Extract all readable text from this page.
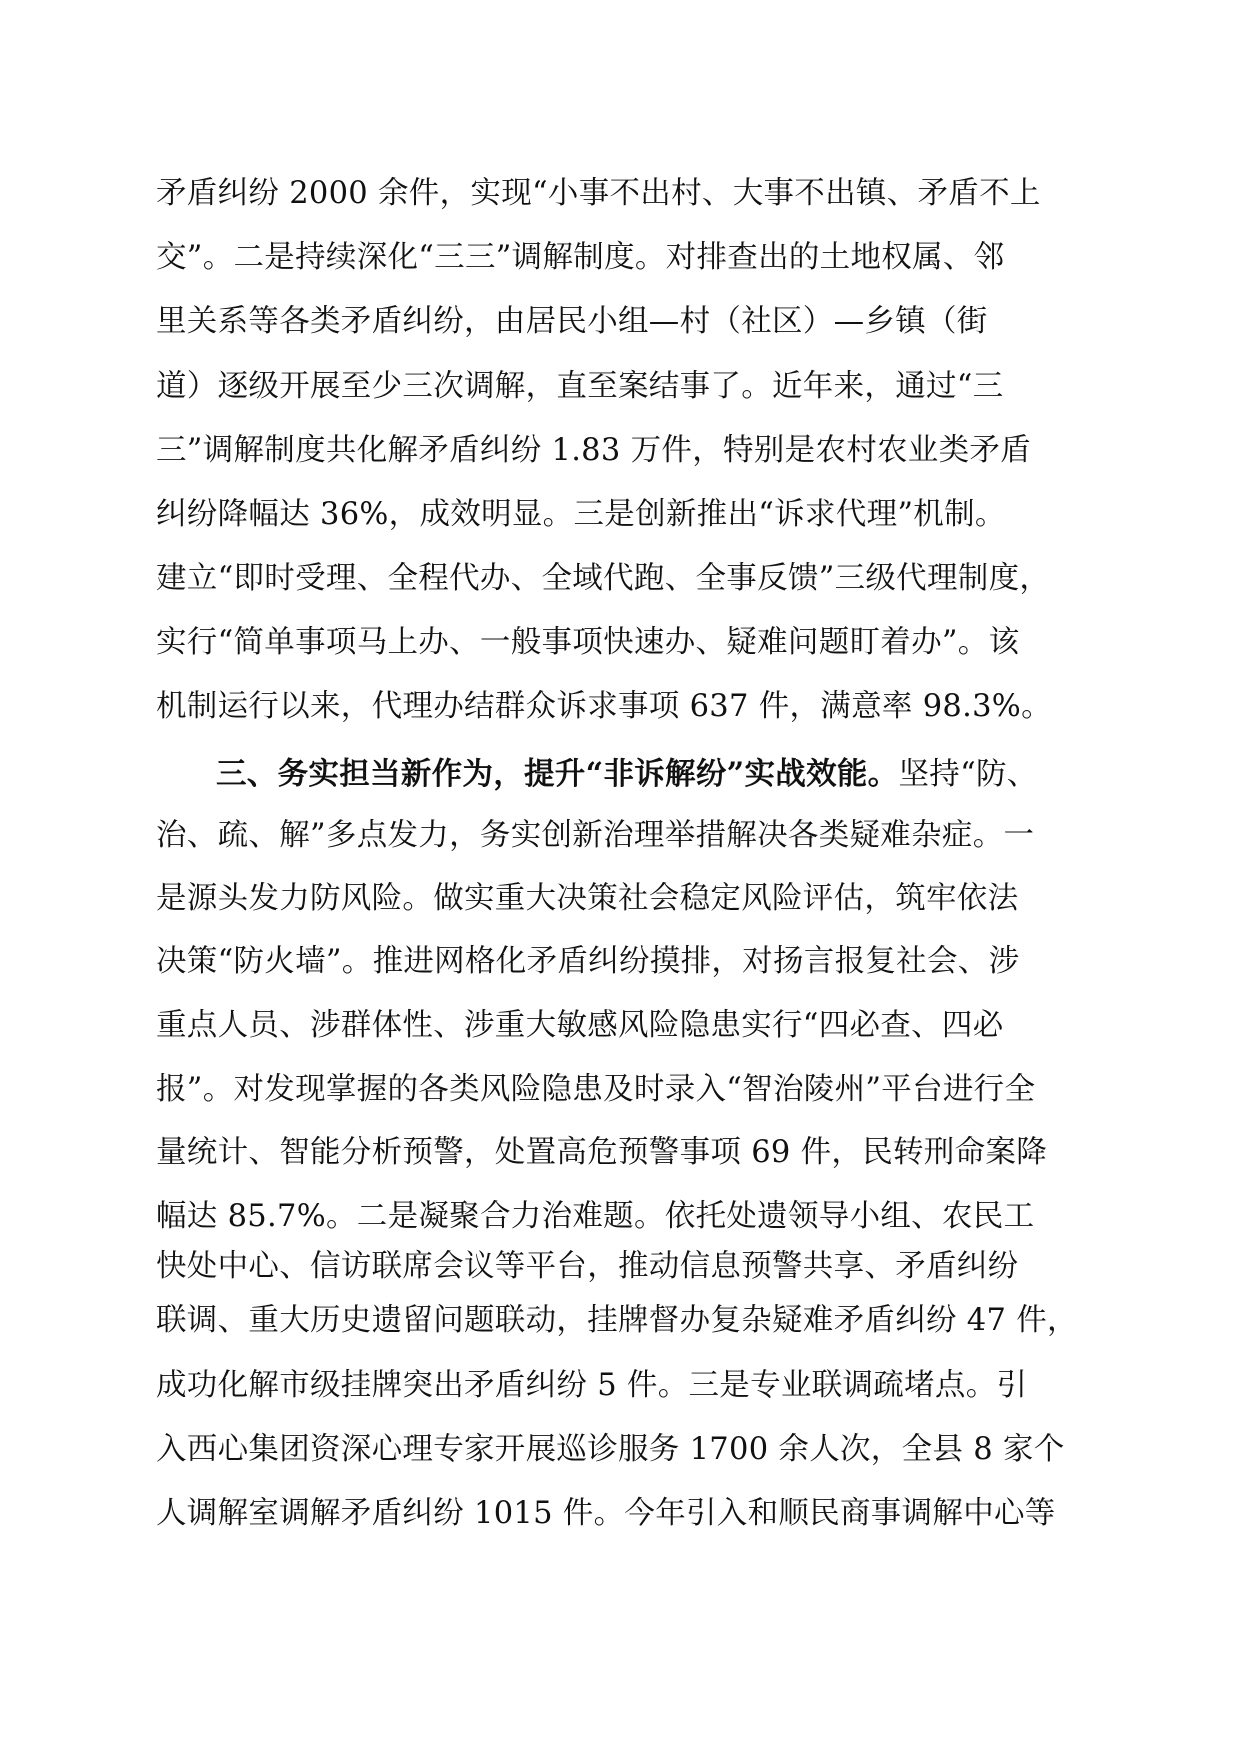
矛盾纠纷 2000 余件，实现“小事不出村、大事不出镇、矛盾不上
交”。二是持续深化“三三”调解制度。对排查出的土地权属、邻
里关系等各类矛盾纠纷，由居民小组—村（社区）—乡镇（街
道）逐级开展至少三次调解，直至案结事了。近年来，通过“三
三”调解制度共化解矛盾纠纷 1.83 万件，特别是农村农业类矛盾
纠纷降幅达 36%，成效明显。三是创新推出“诉求代理”机制。
建立“即时受理、全程代办、全域代跑、全事反馈”三级代理制度，
实行“简单事项马上办、一般事项快速办、疑难问题盯着办”。该
机制运行以来，代理办结群众诉求事项 637 件，满意率 98.3%。
三、务实担当新作为，提升“非诉解纷”实战效能。坚持“防、
治、疏、解”多点发力，务实创新治理举措解决各类疑难杂症。一
是源头发力防风险。做实重大决策社会稳定风险评估，筑牢依法
决策“防火墙”。推进网格化矛盾纠纷摸排，对扬言报复社会、涉
重点人员、涉群体性、涉重大敏感风险隐患实行“四必查、四必
报”。对发现掌握的各类风险隐患及时录入“智治陵州”平台进行全
量统计、智能分析预警，处置高危预警事项 69 件，民转刑命案降
幅达 85.7%。二是凝聚合力治难题。依托处遗领导小组、农民工
快处中心、信访联席会议等平台，推动信息预警共享、矛盾纠纷
联调、重大历史遗留问题联动，挂牌督办复杂疑难矛盾纠纷 47 件，
成功化解市级挂牌突出矛盾纠纷 5 件。三是专业联调疏堵点。引
入西心集团资深心理专家开展巡诊服务 1700 余人次，全县 8 家个
人调解室调解矛盾纠纷 1015 件。今年引入和顺民商事调解中心等
